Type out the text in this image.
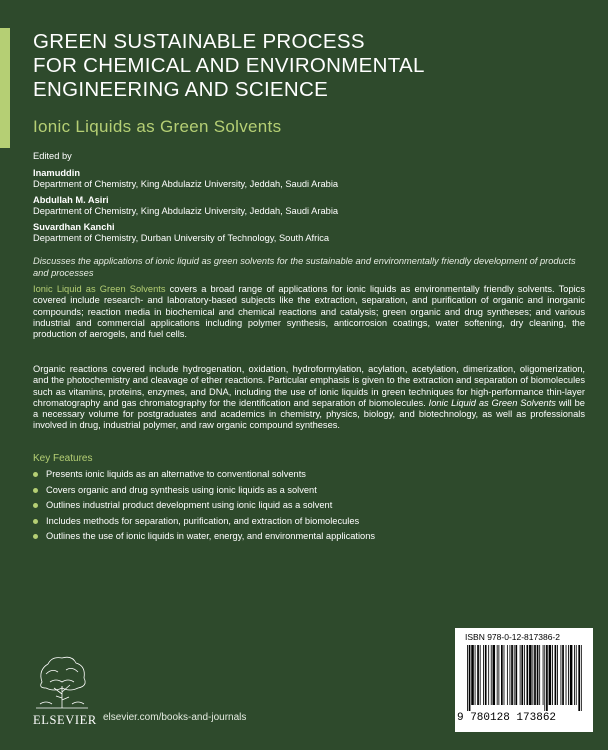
GREEN SUSTAINABLE PROCESS
FOR CHEMICAL AND ENVIRONMENTAL
ENGINEERING AND SCIENCE
Ionic Liquids as Green Solvents
Edited by
Inamuddin
Department of Chemistry, King Abdulaziz University, Jeddah, Saudi Arabia
Abdullah M. Asiri
Department of Chemistry, King Abdulaziz University, Jeddah, Saudi Arabia
Suvardhan Kanchi
Department of Chemistry, Durban University of Technology, South Africa
Discusses the applications of ionic liquid as green solvents for the sustainable and environmentally friendly development of products and processes

Ionic Liquid as Green Solvents covers a broad range of applications for ionic liquids as environmentally friendly solvents. Topics covered include research- and laboratory-based subjects like the extraction, separation, and purification of organic and inorganic compounds; reaction media in biochemical and chemical reactions and catalysis; green organic and drug syntheses; and various industrial and commercial applications including polymer synthesis, anticorrosion coatings, water softening, dry cleaning, the production of aerogels, and fuel cells.

Organic reactions covered include hydrogenation, oxidation, hydroformylation, acylation, acetylation, dimerization, oligomerization, and the photochemistry and cleavage of ether reactions. Particular emphasis is given to the extraction and separation of biomolecules such as vitamins, proteins, enzymes, and DNA, including the use of ionic liquids in green techniques for high-performance thin-layer chromatography and gas chromatography for the identification and separation of biomolecules. Ionic Liquid as Green Solvents will be a necessary volume for postgraduates and academics in chemistry, physics, biology, and biotechnology, as well as professionals involved in drug, industrial polymer, and raw organic compound syntheses.

Key Features
Presents ionic liquids as an alternative to conventional solvents
Covers organic and drug synthesis using ionic liquids as a solvent
Outlines industrial product development using ionic liquid as a solvent
Includes methods for separation, purification, and extraction of biomolecules
Outlines the use of ionic liquids in water, energy, and environmental applications
ELSEVIER elsevier.com/books-and-journals
ISBN 978-0-12-817386-2
9 780128 173862
